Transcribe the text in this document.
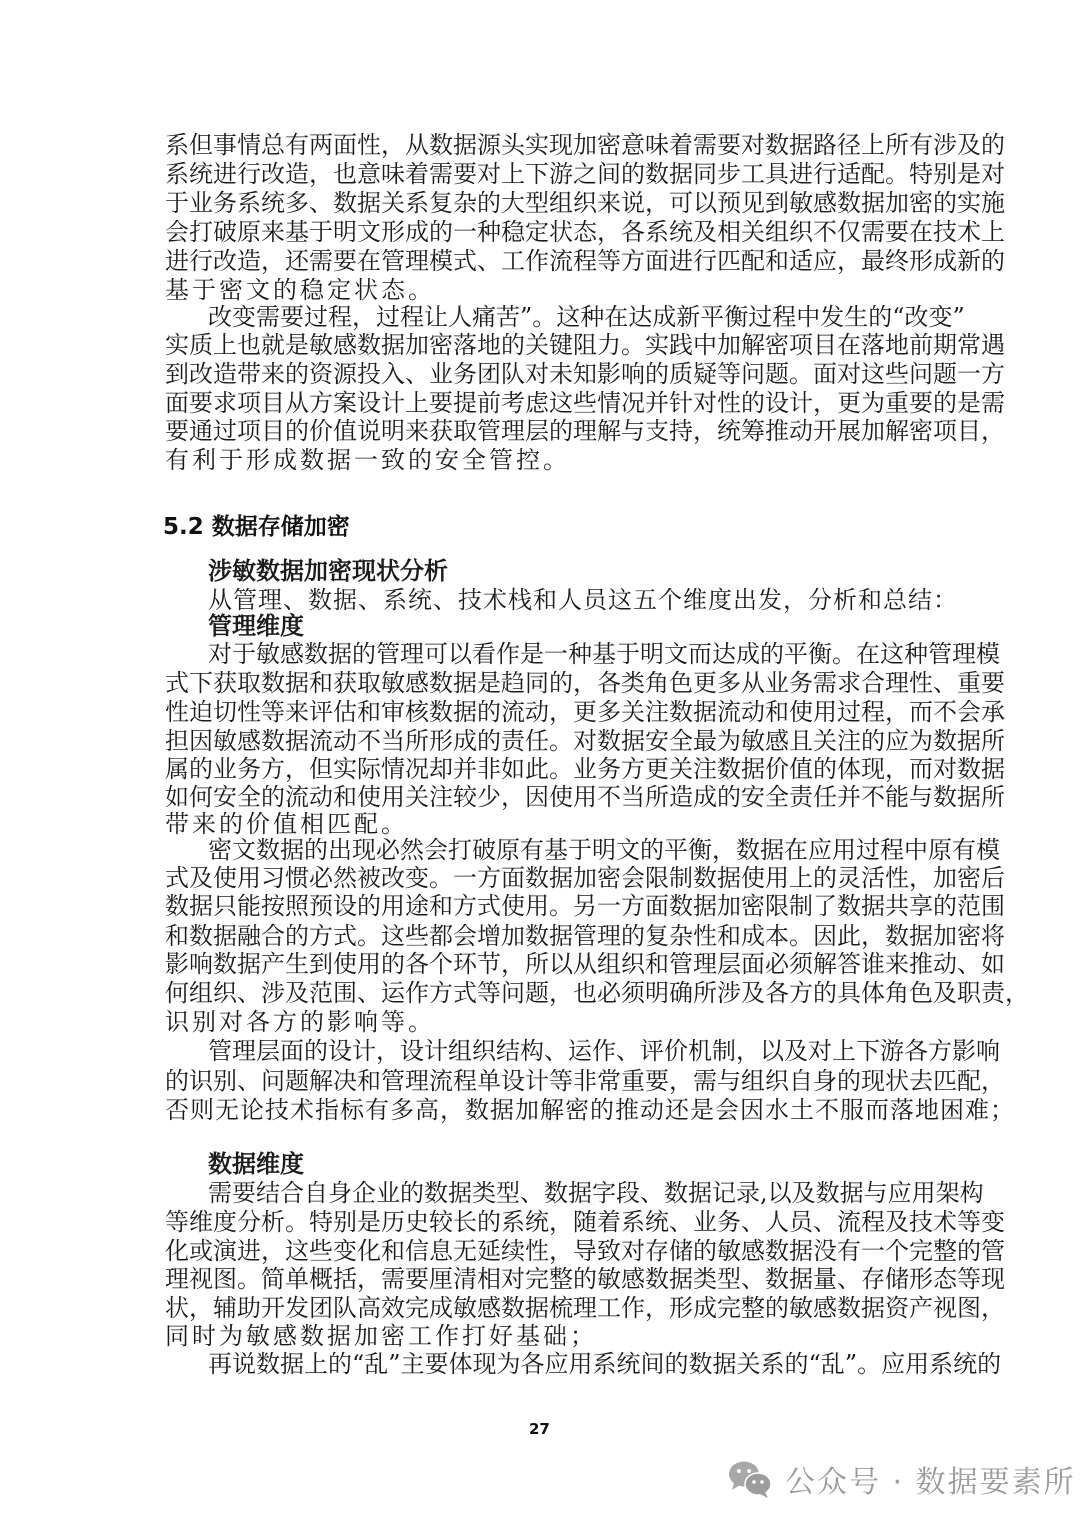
系但事情总有两面性，从数据源头实现加密意味着需要对数据路径上所有涉及的
系统进行改造，也意味着需要对上下游之间的数据同步工具进行适配。特别是对
于业务系统多、数据关系复杂的大型组织来说，可以预见到敏感数据加密的实施
会打破原来基于明文形成的一种稳定状态，各系统及相关组织不仅需要在技术上
进行改造，还需要在管理模式、工作流程等方面进行匹配和适应，最终形成新的
基于密文的稳定状态。
改变需要过程，过程让人痛苦”。这种在达成新平衡过程中发生的“改变”
实质上也就是敏感数据加密落地的关键阻力。实践中加解密项目在落地前期常遇
到改造带来的资源投入、业务团队对未知影响的质疑等问题。面对这些问题一方
面要求项目从方案设计上要提前考虑这些情况并针对性的设计，更为重要的是需
要通过项目的价值说明来获取管理层的理解与支持，统筹推动开展加解密项目，
有利于形成数据一致的安全管控。
5.2 数据存储加密
涉敏数据加密现状分析
从管理、数据、系统、技术栈和人员这五个维度出发，分析和总结：
管理维度
对于敏感数据的管理可以看作是一种基于明文而达成的平衡。在这种管理模
式下获取数据和获取敏感数据是趋同的，各类角色更多从业务需求合理性、重要
性迫切性等来评估和审核数据的流动，更多关注数据流动和使用过程，而不会承
担因敏感数据流动不当所形成的责任。对数据安全最为敏感且关注的应为数据所
属的业务方，但实际情况却并非如此。业务方更关注数据价值的体现，而对数据
如何安全的流动和使用关注较少，因使用不当所造成的安全责任并不能与数据所
带来的价值相匹配。
密文数据的出现必然会打破原有基于明文的平衡，数据在应用过程中原有模
式及使用习惯必然被改变。一方面数据加密会限制数据使用上的灵活性，加密后
数据只能按照预设的用途和方式使用。另一方面数据加密限制了数据共享的范围
和数据融合的方式。这些都会增加数据管理的复杂性和成本。因此，数据加密将
影响数据产生到使用的各个环节，所以从组织和管理层面必须解答谁来推动、如
何组织、涉及范围、运作方式等问题，也必须明确所涉及各方的具体角色及职责，
识别对各方的影响等。
管理层面的设计，设计组织结构、运作、评价机制，以及对上下游各方影响
的识别、问题解决和管理流程单设计等非常重要，需与组织自身的现状去匹配，
否则无论技术指标有多高，数据加解密的推动还是会因水土不服而落地困难；
数据维度
需要结合自身企业的数据类型、数据字段、数据记录,以及数据与应用架构
等维度分析。特别是历史较长的系统，随着系统、业务、人员、流程及技术等变
化或演进，这些变化和信息无延续性，导致对存储的敏感数据没有一个完整的管
理视图。简单概括，需要厘清相对完整的敏感数据类型、数据量、存储形态等现
状，辅助开发团队高效完成敏感数据梳理工作，形成完整的敏感数据资产视图，
同时为敏感数据加密工作打好基础；
再说数据上的“乱”主要体现为各应用系统间的数据关系的“乱”。应用系统的
27
公众号 · 数据要素所
